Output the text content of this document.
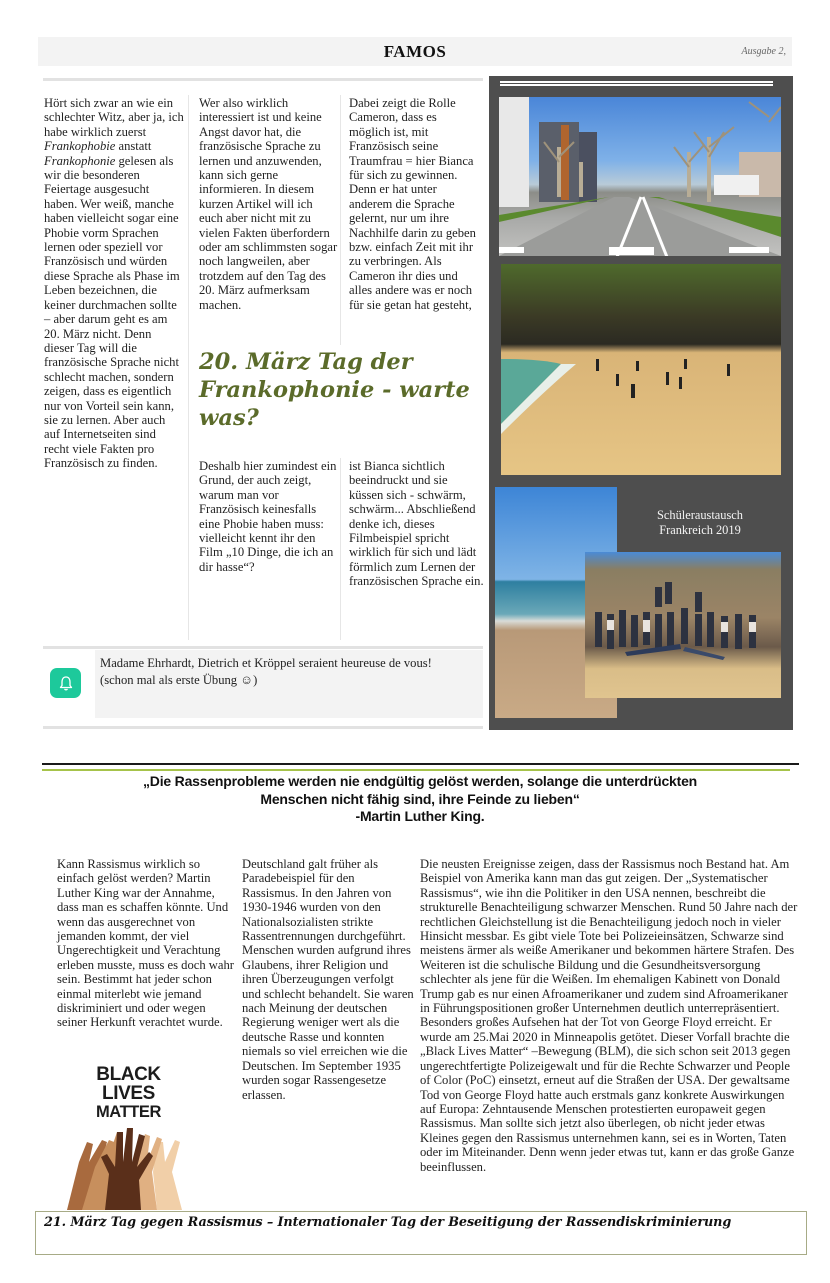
FAMOS	Ausgabe 2,
Hört sich zwar an wie ein schlechter Witz, aber ja, ich habe wirklich zuerst Frankophobie anstatt Frankophonie gelesen als wir die besonderen Feiertage ausgesucht haben. Wer weiß, manche haben vielleicht sogar eine Phobie vorm Sprachen lernen oder speziell vor Französisch und würden diese Sprache als Phase im Leben bezeichnen, die keiner durchmachen sollte – aber darum geht es am 20. März nicht. Denn dieser Tag will die französische Sprache nicht schlecht machen, sondern zeigen, dass es eigentlich nur von Vorteil sein kann, sie zu lernen. Aber auch auf Internetseiten sind recht viele Fakten pro Französisch zu finden.
Wer also wirklich interessiert ist und keine Angst davor hat, die französische Sprache zu lernen und anzuwenden, kann sich gerne informieren. In diesem kurzen Artikel will ich euch aber nicht mit zu vielen Fakten überfordern oder am schlimmsten sogar noch langweilen, aber trotzdem auf den Tag des 20. März aufmerksam machen.
Dabei zeigt die Rolle Cameron, dass es möglich ist, mit Französisch seine Traumfrau = hier Bianca für sich zu gewinnen. Denn er hat unter anderem die Sprache gelernt, nur um ihre Nachhilfe darin zu geben bzw. einfach Zeit mit ihr zu verbringen. Als Cameron ihr dies und alles andere was er noch für sie getan hat gesteht,
20. März Tag der Frankophonie - warte was?
Deshalb hier zumindest ein Grund, der auch zeigt, warum man vor Französisch keinesfalls eine Phobie haben muss: vielleicht kennt ihr den Film „10 Dinge, die ich an dir hasse“?
ist Bianca sichtlich beeindruckt und sie küssen sich - schwärm, schwärm... Abschließend denke ich, dieses Filmbeispiel spricht wirklich für sich und lädt förmlich zum Lernen der französischen Sprache ein.
Madame Ehrhardt, Dietrich et Kröppel seraient heureuse de vous!
(schon mal als erste Übung ☺)
Schüleraustausch
Frankreich 2019
„Die Rassenprobleme werden nie endgültig gelöst werden, solange die unterdrückten
Menschen nicht fähig sind, ihre Feinde zu lieben“
-Martin Luther King.
Kann Rassismus wirklich so einfach gelöst werden? Martin Luther King war der Annahme, dass man es schaffen könnte. Und wenn das ausgerechnet von jemanden kommt, der viel Ungerechtigkeit und Verachtung erleben musste, muss es doch wahr sein. Bestimmt hat jeder schon einmal miterlebt wie jemand diskriminiert und oder wegen seiner Herkunft verachtet wurde.
Deutschland galt früher als Paradebeispiel für den Rassismus. In den Jahren von 1930-1946 wurden von den Nationalsozialisten strikte Rassentrennungen durchgeführt. Menschen wurden aufgrund ihres Glaubens, ihrer Religion und ihren Überzeugungen verfolgt und schlecht behandelt. Sie waren nach Meinung der deutschen Regierung weniger wert als die deutsche Rasse und konnten niemals so viel erreichen wie die Deutschen. Im September 1935 wurden sogar Rassengesetze erlassen.
Die neusten Ereignisse zeigen, dass der Rassismus noch Bestand hat. Am Beispiel von Amerika kann man das gut zeigen. Der „Systematischer Rassismus“, wie ihn die Politiker in den USA nennen, beschreibt die strukturelle Benachteiligung schwarzer Menschen. Rund 50 Jahre nach der rechtlichen Gleichstellung ist die Benachteiligung jedoch noch in vieler Hinsicht messbar. Es gibt viele Tote bei Polizeieinsätzen, Schwarze sind meistens ärmer als weiße Amerikaner und bekommen härtere Strafen. Des Weiteren ist die schulische Bildung und die Gesundheitsversorgung schlechter als jene für die Weißen. Im ehemaligen Kabinett von Donald Trump gab es nur einen Afroamerikaner und zudem sind Afroamerikaner in Führungspositionen großer Unternehmen deutlich unterrepräsentiert. Besonders großes Aufsehen hat der Tot von George Floyd erreicht. Er wurde am 25.Mai 2020 in Minneapolis getötet. Dieser Vorfall brachte die „Black Lives Matter“ –Bewegung (BLM), die sich schon seit 2013 gegen ungerechtfertigte Polizeigewalt und für die Rechte Schwarzer und People of Color (PoC) einsetzt, erneut auf die Straßen der USA. Der gewaltsame Tod von George Floyd hatte auch erstmals ganz konkrete Auswirkungen auf Europa: Zehntausende Menschen protestierten europaweit gegen Rassismus. Man sollte sich jetzt also überlegen, ob nicht jeder etwas Kleines gegen den Rassismus unternehmen kann, sei es in Worten, Taten oder im Miteinander. Denn wenn jeder etwas tut, kann er das große Ganze beeinflussen.
BLACK
LIVES
MATTER
21. März Tag gegen Rassismus – Internationaler Tag der Beseitigung der Rassendiskriminierung
